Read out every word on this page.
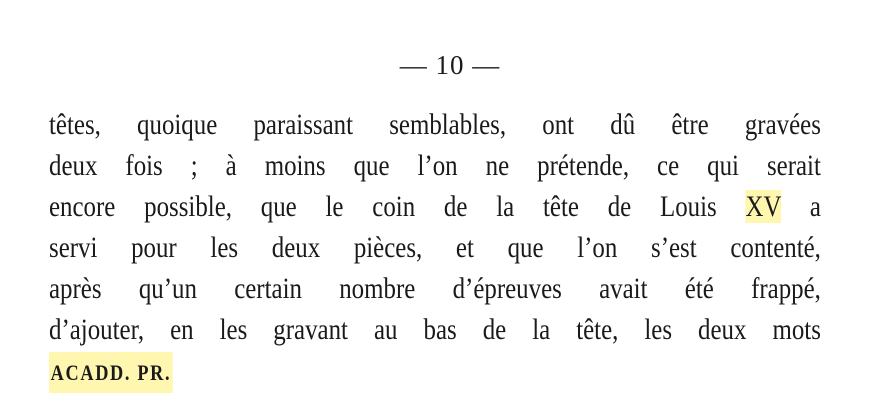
— 10 —
têtes, quoique paraissant semblables, ont dû être gravées
deux fois ; à moins que l’on ne prétende, ce qui serait
encore possible, que le coin de la tête de Louis XV a
servi pour les deux pièces, et que l’on s’est contenté,
après qu’un certain nombre d’épreuves avait été frappé,
d’ajouter, en les gravant au bas de la tête, les deux mots
ACADD. PR.
